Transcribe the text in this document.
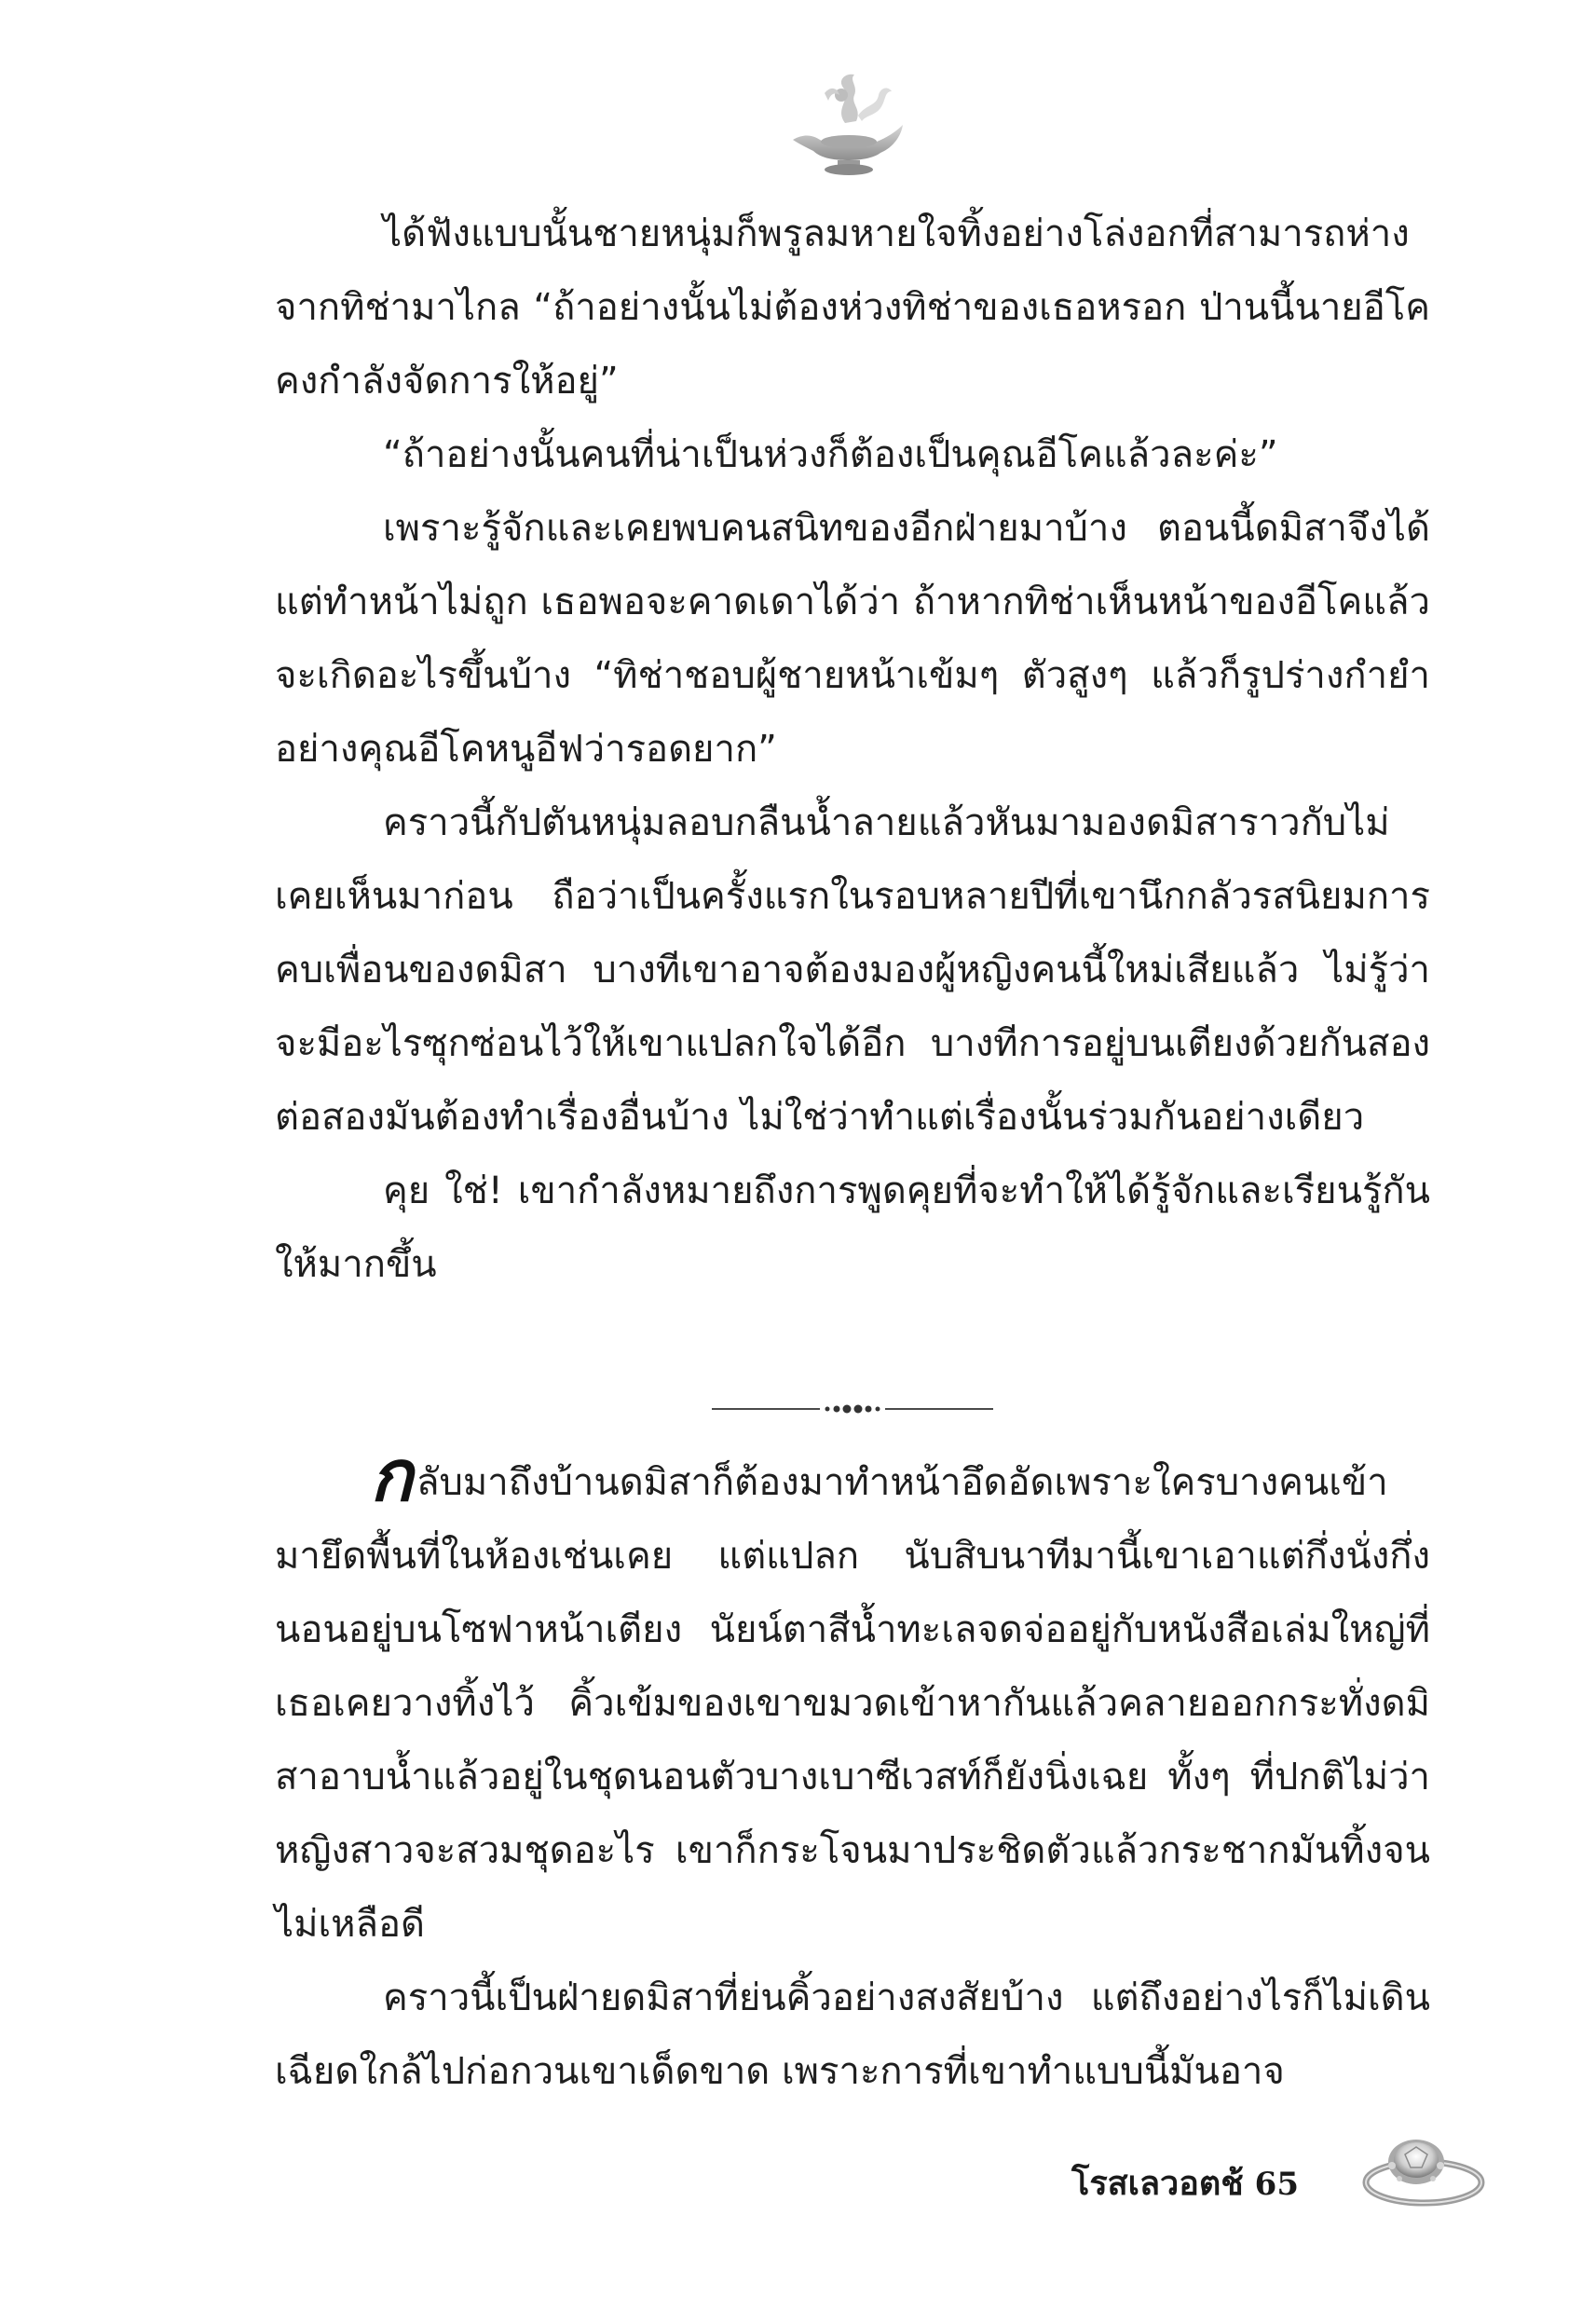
ได้ฟังแบบนั้นชายหนุ่มก็พรูลมหายใจทิ้งอย่างโล่งอกที่สามารถห่างจากทิช่ามาไกล “ถ้าอย่างนั้นไม่ต้องห่วงทิช่าของเธอหรอก ป่านนี้นายอีโคคงกำลังจัดการให้อยู่”

“ถ้าอย่างนั้นคนที่น่าเป็นห่วงก็ต้องเป็นคุณอีโคแล้วละค่ะ”

เพราะรู้จักและเคยพบคนสนิทของอีกฝ่ายมาบ้าง ตอนนี้ดมิสาจึงได้แต่ทำหน้าไม่ถูก เธอพอจะคาดเดาได้ว่า ถ้าหากทิช่าเห็นหน้าของอีโคแล้วจะเกิดอะไรขึ้นบ้าง “ทิช่าชอบผู้ชายหน้าเข้มๆ ตัวสูงๆ แล้วก็รูปร่างกำยำ อย่างคุณอีโคหนูอีฟว่ารอดยาก”

คราวนี้กัปตันหนุ่มลอบกลืนน้ำลายแล้วหันมามองดมิสาราวกับไม่เคยเห็นมาก่อน ถือว่าเป็นครั้งแรกในรอบหลายปีที่เขานึกกลัวรสนิยมการคบเพื่อนของดมิสา บางทีเขาอาจต้องมองผู้หญิงคนนี้ใหม่เสียแล้ว ไม่รู้ว่าจะมีอะไรซุกซ่อนไว้ให้เขาแปลกใจได้อีก บางทีการอยู่บนเตียงด้วยกันสองต่อสองมันต้องทำเรื่องอื่นบ้าง ไม่ใช่ว่าทำแต่เรื่องนั้นร่วมกันอย่างเดียว

คุย ใช่! เขากำลังหมายถึงการพูดคุยที่จะทำให้ได้รู้จักและเรียนรู้กันให้มากขึ้น

กลับมาถึงบ้านดมิสาก็ต้องมาทำหน้าอึดอัดเพราะใครบางคนเข้ามายึดพื้นที่ในห้องเช่นเคย แต่แปลก นับสิบนาทีมานี้เขาเอาแต่กึ่งนั่งกึ่งนอนอยู่บนโซฟาหน้าเตียง นัยน์ตาสีน้ำทะเลจดจ่ออยู่กับหนังสือเล่มใหญ่ที่เธอเคยวางทิ้งไว้ คิ้วเข้มของเขาขมวดเข้าหากันแล้วคลายออกกระทั่งดมิสาอาบน้ำแล้วอยู่ในชุดนอนตัวบางเบาซีเวสท์ก็ยังนิ่งเฉย ทั้งๆ ที่ปกติไม่ว่าหญิงสาวจะสวมชุดอะไร เขาก็กระโจนมาประชิดตัวแล้วกระชากมันทิ้งจนไม่เหลือดี

คราวนี้เป็นฝ่ายดมิสาที่ย่นคิ้วอย่างสงสัยบ้าง แต่ถึงอย่างไรก็ไม่เดินเฉียดใกล้ไปก่อกวนเขาเด็ดขาด เพราะการที่เขาทำแบบนี้มันอาจ

โรสเลวอตช้ 65
